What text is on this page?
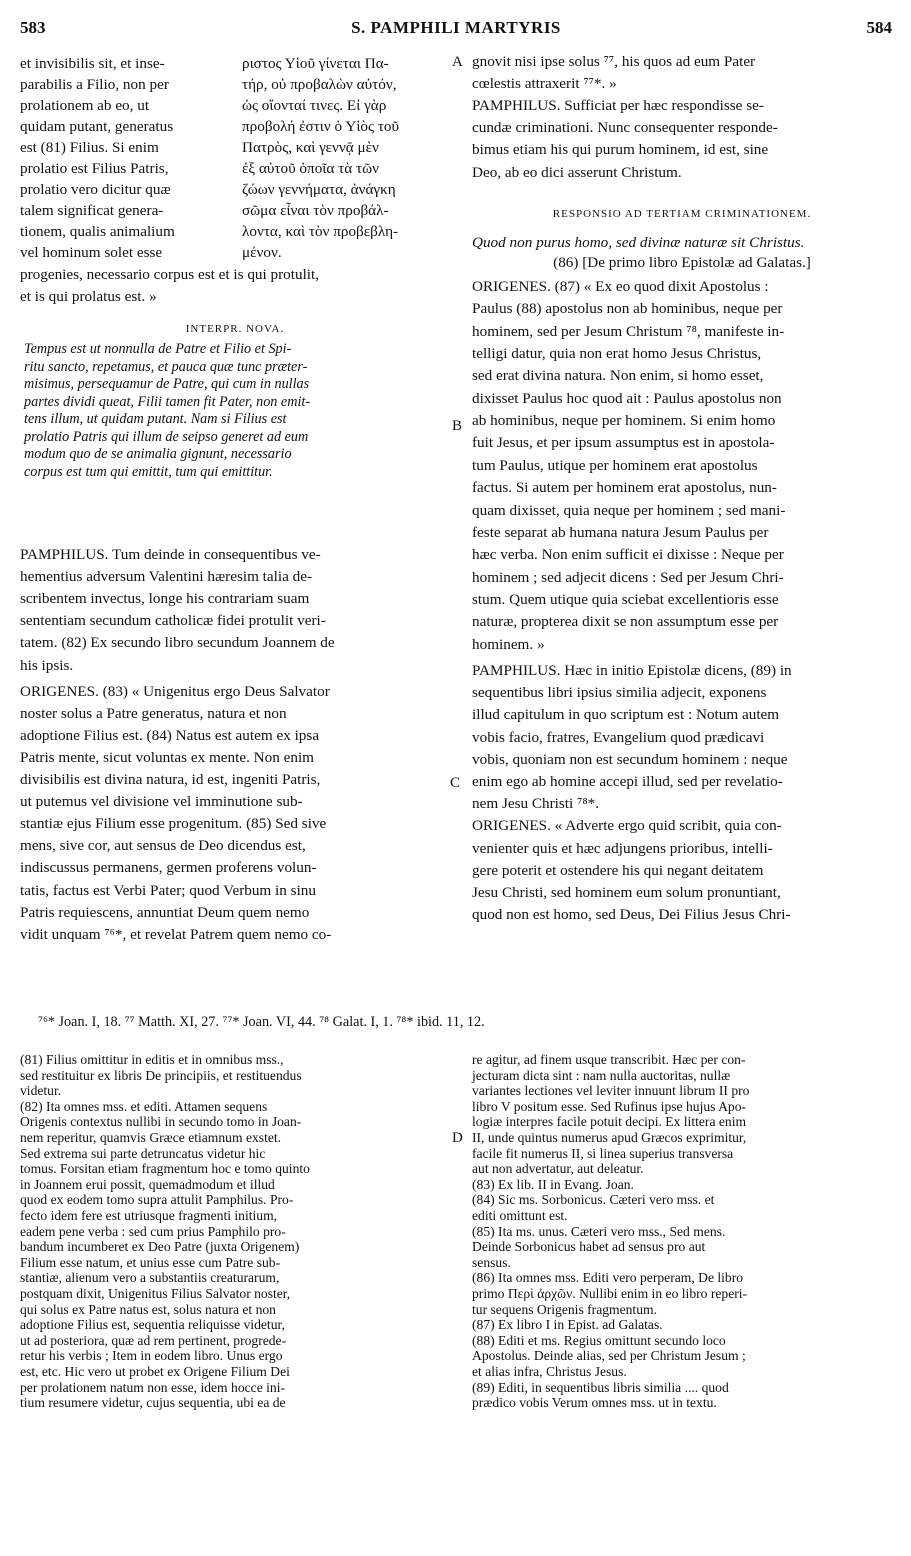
583	S. PAMPHILI MARTYRIS	584
et invisibilis sit, et inse-
parabilis a Filio, non per
prolationem ab eo, ut
quidam putant, generatus
est (81) Filius. Si enim
prolatio est Filius Patris,
prolatio vero dicitur quæ
talem significat genera-
tionem, qualis animalium
vel hominum solet esse
ριστος Υἱοῦ γίνεται Πα-
τήρ, οὐ προβαλὼν αὐτόν,
ὡς οἴονταί τινες. Εἰ γὰρ
προβολή ἐστιν ὁ Υἱὸς τοῦ
Πατρὸς, καὶ γεννᾷ μὲν
ἐξ αὐτοῦ ὁποῖα τὰ τῶν
ζώων γεννήματα, ἀνάγκη
σῶμα εἶναι τὸν προβάλ-
λοντα, καὶ τὸν προβεβλη-
μένον.
progenies, necessario corpus est et is qui protulit,
et is qui prolatus est. »
INTERPR. NOVA.
Tempus est ut nonnulla de Patre et Filio et Spi-
ritu sancto, repetamus, et pauca quæ tunc præter-
misimus, persequamur de Patre, qui cum in nullas
partes dividi queat, Filii tamen fit Pater, non emit-
tens illum, ut quidam putant. Nam si Filius est
prolatio Patris qui illum de seipso generet ad eum
modum quo de se animalia gignunt, necessario
corpus est tum qui emittit, tum qui emittitur.
PAMPHILUS. Tum deinde in consequentibus ve-
hementius adversum Valentini hæresim talia de-
scribentem invectus, longe his contrariam suam
sententiam secundum catholicæ fidei protulit veri-
tatem. (82) Ex secundo libro secundum Joannem de
his ipsis.
ORIGENES. (83) « Unigenitus ergo Deus Salvator
noster solus a Patre generatus, natura et non
adoptione Filius est. (84) Natus est autem ex ipsa
Patris mente, sicut voluntas ex mente. Non enim
divisibilis est divina natura, id est, ingeniti Patris,
ut putemus vel divisione vel imminutione sub-
stantiæ ejus Filium esse progenitum. (85) Sed sive
mens, sive cor, aut sensus de Deo dicendus est,
indiscussus permanens, germen proferens volun-
tatis, factus est Verbi Pater; quod Verbum in sinu
Patris requiescens, annuntiat Deum quem nemo
vidit unquam ⁷⁶*, et revelat Patrem quem nemo co-
gnovit nisi ipse solus ⁷⁷, his quos ad eum Pater
cœlestis attraxerit ⁷⁷*. »
PAMPHILUS. Sufficiat per hæc respondisse se-
cundæ criminationi. Nunc consequenter responde-
bimus etiam his qui purum hominem, id est, sine
Deo, ab eo dici asserunt Christum.
RESPONSIO AD TERTIAM CRIMINATIONEM.
Quod non purus homo, sed divinæ naturæ sit Christus.
(86) [De primo libro Epistolæ ad Galatas.]
ORIGENES. (87) « Ex eo quod dixit Apostolus :
Paulus (88) apostolus non ab hominibus, neque per
hominem, sed per Jesum Christum ⁷⁸, manifeste in-
telligi datur, quia non erat homo Jesus Christus,
sed erat divina natura. Non enim, si homo esset,
dixisset Paulus hoc quod ait : Paulus apostolus non
ab hominibus, neque per hominem. Si enim homo
fuit Jesus, et per ipsum assumptus est in apostola-
tum Paulus, utique per hominem erat apostolus
factus. Si autem per hominem erat apostolus, nun-
quam dixisset, quia neque per hominem ; sed mani-
feste separat ab humana natura Jesum Paulus per
hæc verba. Non enim sufficit ei dixisse : Neque per
hominem ; sed adjecit dicens : Sed per Jesum Chri-
stum. Quem utique quia sciebat excellentioris esse
naturæ, propterea dixit se non assumptum esse per
hominem. »
PAMPHILUS. Hæc in initio Epistolæ dicens, (89) in
sequentibus libri ipsius similia adjecit, exponens
illud capitulum in quo scriptum est : Notum autem
vobis facio, fratres, Evangelium quod prædicavi
vobis, quoniam non est secundum hominem : neque
enim ego ab homine accepi illud, sed per revelatio-
nem Jesu Christi ⁷⁸*.
ORIGENES. « Adverte ergo quid scribit, quia con-
venienter quis et hæc adjungens prioribus, intelli-
gere poterit et ostendere his qui negant deitatem
Jesu Christi, sed hominem eum solum pronuntiant,
quod non est homo, sed Deus, Dei Filius Jesus Chri-
(81) Filius omittitur in editis et in omnibus mss.,
sed restituitur ex libris De principiis, et restituendus
videtur.
(82) Ita omnes mss. et editi. Attamen sequens
Origenis contextus nullibi in secundo tomo in Joan-
nem reperitur, quamvis Græce etiamnum exstet.
Sed extrema sui parte detruncatus videtur hic
tomus. Forsitan etiam fragmentum hoc e tomo quinto
in Joannem erui possit, quemadmodum et illud
quod ex eodem tomo supra attulit Pamphilus. Pro-
fecto idem fere est utriusque fragmenti initium,
eadem pene verba : sed cum prius Pamphilo pro-
bandum incumberet ex Deo Patre (juxta Origenem)
Filium esse natum, et unius esse cum Patre sub-
stantiæ, alienum vero a substantiis creaturarum,
postquam dixit, Unigenitus Filius Salvator noster,
qui solus ex Patre natus est, solus natura et non
adoptione Filius est, sequentia reliquisse videtur,
ut ad posteriora, quæ ad rem pertinent, progrede-
retur his verbis ; Item in eodem libro. Unus ergo
est, etc. Hic vero ut probet ex Origene Filium Dei
per prolationem natum non esse, idem hocce ini-
tium resumere videtur, cujus sequentia, ubi ea de
re agitur, ad finem usque transcribit. Hæc per con-
jecturam dicta sint : nam nulla auctoritas, nullæ
variantes lectiones vel leviter innuunt librum II pro
libro V positum esse. Sed Rufinus ipse hujus Apo-
logiæ interpres facile potuit decipi. Ex littera enim
II, unde quintus numerus apud Græcos exprimitur,
facile fit numerus II, si linea superius transversa
aut non advertatur, aut deleatur.
(83) Ex lib. II in Evang. Joan.
(84) Sic ms. Sorbonicus. Cæteri vero mss. et
editi omittunt est.
(85) Ita ms. unus. Cæteri vero mss., Sed mens.
Deinde Sorbonicus habet ad sensus pro aut
sensus.
(86) Ita omnes mss. Editi vero perperam, De libro
primo Περὶ ἀρχῶν. Nullibi enim in eo libro reperi-
tur sequens Origenis fragmentum.
(87) Ex libro I in Epist. ad Galatas.
(88) Editi et ms. Regius omittunt secundo loco
Apostolus. Deinde alias, sed per Christum Jesum ;
et alias infra, Christus Jesus.
(89) Editi, in sequentibus libris similia .... quod
prædico vobis Verum omnes mss. ut in textu.
A
B
C
D
⁷⁶* Joan. I, 18. ⁷⁷ Matth. XI, 27. ⁷⁷* Joan. VI, 44. ⁷⁸ Galat. I, 1. ⁷⁸* ibid. 11, 12.
